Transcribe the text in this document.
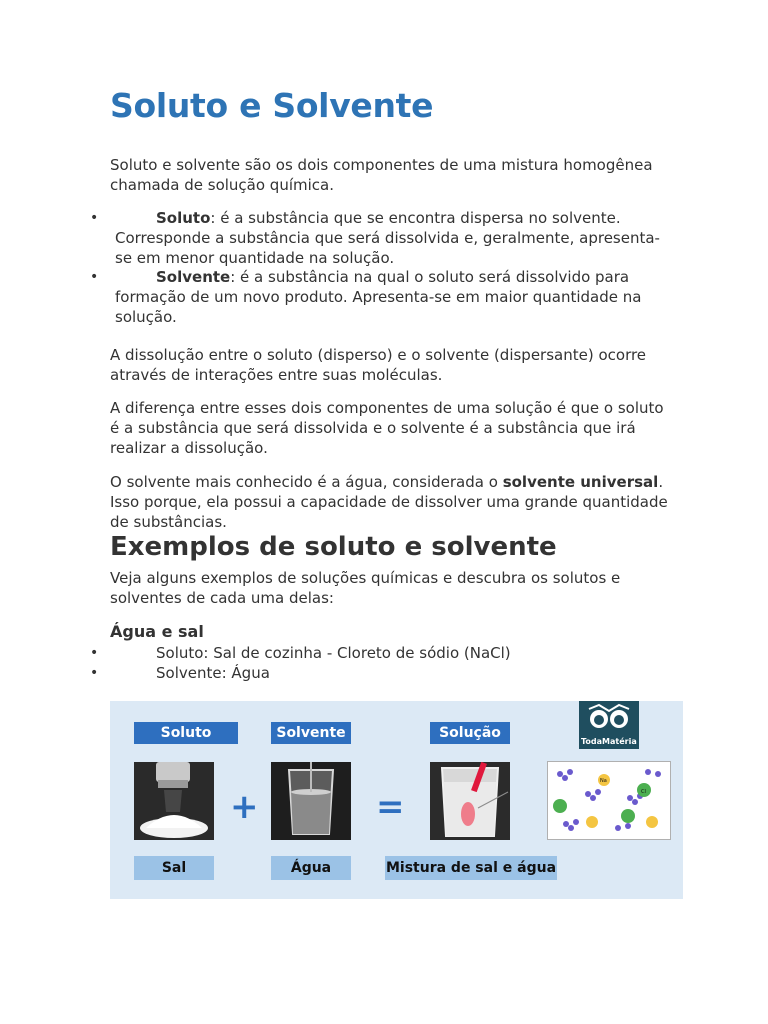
Soluto e Solvente

Soluto e solvente são os dois componentes de uma mistura homogênea chamada de solução química.

•	Soluto: é a substância que se encontra dispersa no solvente. Corresponde a substância que será dissolvida e, geralmente, apresenta-se em menor quantidade na solução.

•	Solvente: é a substância na qual o soluto será dissolvido para formação de um novo produto. Apresenta-se em maior quantidade na solução.

A dissolução entre o soluto (disperso) e o solvente (dispersante) ocorre através de interações entre suas moléculas.

A diferença entre esses dois componentes de uma solução é que o soluto é a substância que será dissolvida e o solvente é a substância que irá realizar a dissolução.

O solvente mais conhecido é a água, considerada o solvente universal. Isso porque, ela possui a capacidade de dissolver uma grande quantidade de substâncias.

Exemplos de soluto e solvente

Veja alguns exemplos de soluções químicas e descubra os solutos e solventes de cada uma delas:

Água e sal
•	Soluto: Sal de cozinha - Cloreto de sódio (NaCl)
•	Solvente: Água
Soluto	Solvente	Solução
+	=
TodaMatéria
Cl
Na
Sal	Água	Mistura de sal e água
